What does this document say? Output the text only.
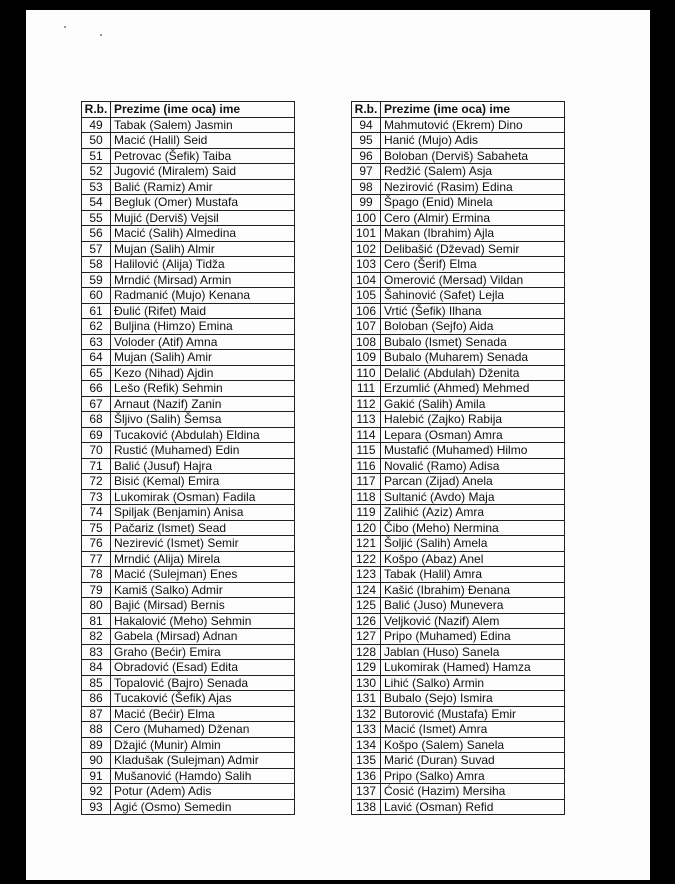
R.b.	Prezime (ime oca) ime
49	Tabak (Salem) Jasmin
50	Macić (Halil) Seid
51	Petrovac (Šefik) Taiba
52	Jugović (Miralem) Said
53	Balić (Ramiz) Amir
54	Begluk (Omer) Mustafa
55	Mujić (Derviš) Vejsil
56	Macić (Salih) Almedina
57	Mujan (Salih) Almir
58	Halilović (Alija) Tidža
59	Mrndić (Mirsad) Armin
60	Radmanić (Mujo) Kenana
61	Đulić (Rifet) Maid
62	Buljina (Himzo) Emina
63	Voloder (Atif) Amna
64	Mujan (Salih) Amir
65	Kezo (Nihad) Ajdin
66	Lešo (Refik) Sehmin
67	Arnaut (Nazif) Zanin
68	Šljivo (Salih) Šemsa
69	Tucaković (Abdulah) Eldina
70	Rustić (Muhamed) Edin
71	Balić (Jusuf) Hajra
72	Bisić (Kemal) Emira
73	Lukomirak (Osman) Fadila
74	Spiljak (Benjamin) Anisa
75	Pačariz (Ismet) Sead
76	Nezirević (Ismet) Semir
77	Mrndić (Alija) Mirela
78	Macić (Sulejman) Enes
79	Kamiš (Salko) Admir
80	Bajić (Mirsad) Bernis
81	Hakalović (Meho) Sehmin
82	Gabela (Mirsad) Adnan
83	Graho (Bećir) Emira
84	Obradović (Esad) Edita
85	Topalović (Bajro) Senada
86	Tucaković (Šefik) Ajas
87	Macić (Bećir) Elma
88	Cero (Muhamed) Dženan
89	Džajić (Munir) Almin
90	Kladušak (Sulejman) Admir
91	Mušanović (Hamdo) Salih
92	Potur (Adem) Adis
93	Agić (Osmo) Semedin
R.b.	Prezime (ime oca) ime
94	Mahmutović (Ekrem) Dino
95	Hanić (Mujo) Adis
96	Boloban (Derviš) Sabaheta
97	Redžić (Salem) Asja
98	Nezirović (Rasim) Edina
99	Špago (Enid) Minela
100	Cero (Almir) Ermina
101	Makan (Ibrahim) Ajla
102	Delibašić (Dževad) Semir
103	Cero (Šerif) Elma
104	Omerović (Mersad) Vildan
105	Šahinović (Safet) Lejla
106	Vrtić (Šefik) Ilhana
107	Boloban (Sejfo) Aida
108	Bubalo (Ismet) Senada
109	Bubalo (Muharem) Senada
110	Delalić (Abdulah) Dženita
111	Erzumlić (Ahmed) Mehmed
112	Gakić (Salih) Amila
113	Halebić (Zajko) Rabija
114	Lepara (Osman) Amra
115	Mustafić (Muhamed) Hilmo
116	Novalić (Ramo) Adisa
117	Parcan (Zijad) Anela
118	Sultanić (Avdo) Maja
119	Zalihić (Aziz) Amra
120	Čibo (Meho) Nermina
121	Šoljić (Salih) Amela
122	Košpo (Abaz) Anel
123	Tabak (Halil) Amra
124	Kašić (Ibrahim) Đenana
125	Balić (Juso) Munevera
126	Veljković (Nazif) Alem
127	Pripo (Muhamed) Edina
128	Jablan (Huso) Sanela
129	Lukomirak (Hamed) Hamza
130	Lihić (Salko) Armin
131	Bubalo (Sejo) Ismira
132	Butorović (Mustafa) Emir
133	Macić (Ismet) Amra
134	Košpo (Salem) Sanela
135	Marić (Duran) Suvad
136	Pripo (Salko) Amra
137	Ćosić (Hazim) Mersiha
138	Lavić (Osman) Refid
